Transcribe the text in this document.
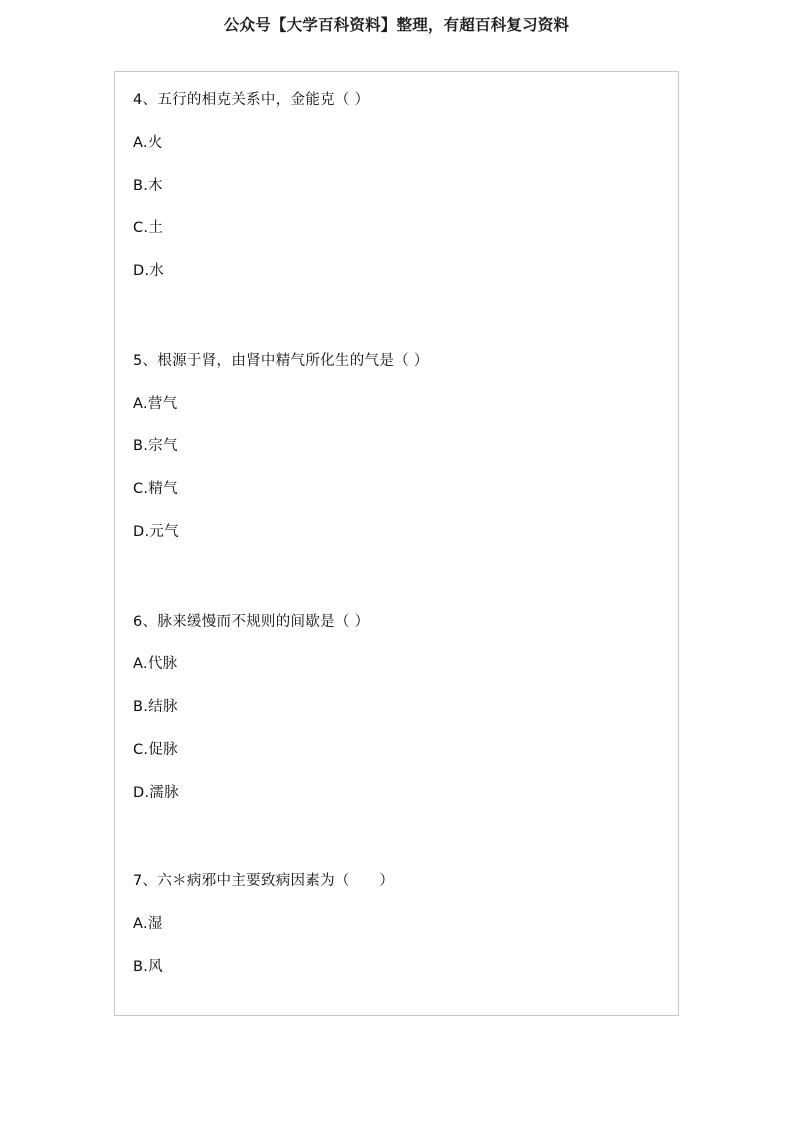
公众号【大学百科资料】整理，有超百科复习资料
4、五行的相克关系中，金能克（ ）
A.火
B.木
C.土
D.水
5、根源于肾，由肾中精气所化生的气是（ ）
A.营气
B.宗气
C.精气
D.元气
6、脉来缓慢而不规则的间歇是（ ）
A.代脉
B.结脉
C.促脉
D.濡脉
7、六＊病邪中主要致病因素为（　　）
A.湿
B.风
